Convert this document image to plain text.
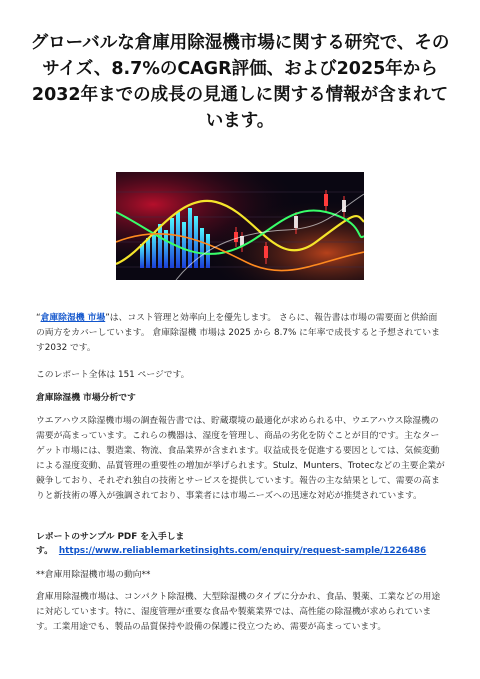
グローバルな倉庫用除湿機市場に関する研究で、そのサイズ、8.7%のCAGR評価、および2025年から2032年までの成長の見通しに関する情報が含まれています。
“倉庫除湿機 市場”は、コスト管理と効率向上を優先します。 さらに、報告書は市場の需要面と供給面の両方をカバーしています。 倉庫除湿機 市場は 2025 から 8.7% に年率で成長すると予想されています2032 です。
このレポート全体は 151 ページです。
倉庫除湿機 市場分析です
ウエアハウス除湿機市場の調査報告書では、貯蔵環境の最適化が求められる中、ウエアハウス除湿機の需要が高まっています。これらの機器は、湿度を管理し、商品の劣化を防ぐことが目的です。主なターゲット市場には、製造業、物流、食品業界が含まれます。収益成長を促進する要因としては、気候変動による湿度変動、品質管理の重要性の増加が挙げられます。Stulz、Munters、Trotecなどの主要企業が競争しており、それぞれ独自の技術とサービスを提供しています。報告の主な結果として、需要の高まりと新技術の導入が強調されており、事業者には市場ニーズへの迅速な対応が推奨されています。
レポートのサンプル PDF を入手しま
す。 https://www.reliablemarketinsights.com/enquiry/request-sample/1226486
**倉庫用除湿機市場の動向**
倉庫用除湿機市場は、コンパクト除湿機、大型除湿機のタイプに分かれ、食品、製薬、工業などの用途に対応しています。特に、湿度管理が重要な食品や製薬業界では、高性能の除湿機が求められています。工業用途でも、製品の品質保持や設備の保護に役立つため、需要が高まっています。
